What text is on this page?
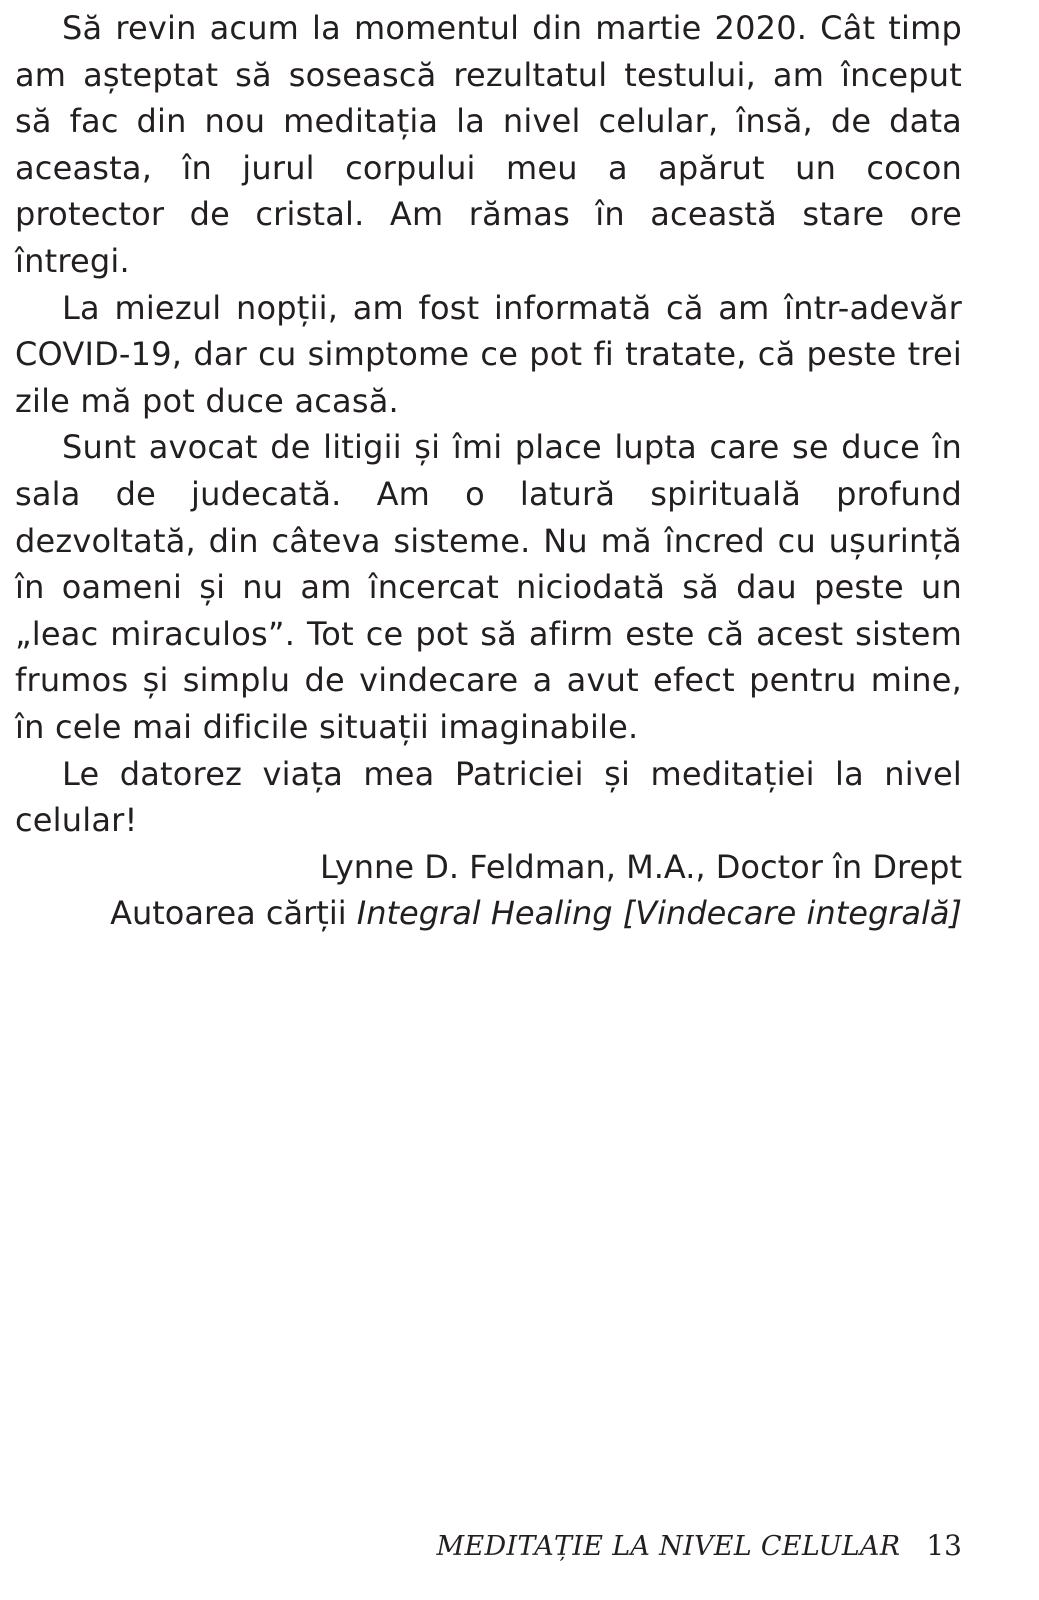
Să revin acum la momentul din martie 2020. Cât timp am așteptat să sosească rezultatul testului, am început să fac din nou meditația la nivel celular, însă, de data aceasta, în jurul corpului meu a apărut un cocon protector de cristal. Am rămas în această stare ore întregi.

La miezul nopții, am fost informată că am într-adevăr COVID-19, dar cu simptome ce pot fi tratate, că peste trei zile mă pot duce acasă.

Sunt avocat de litigii și îmi place lupta care se duce în sala de judecată. Am o latură spirituală profund dezvoltată, din câteva sisteme. Nu mă încred cu ușurință în oameni și nu am încercat niciodată să dau peste un „leac miraculos”. Tot ce pot să afirm este că acest sistem frumos și simplu de vindecare a avut efect pentru mine, în cele mai dificile situații imaginabile.

Le datorez viața mea Patriciei și meditației la nivel celular!

Lynne D. Feldman, M.A., Doctor în Drept
Autoarea cărții Integral Healing [Vindecare integrală]
MEDITAȚIE LA NIVEL CELULAR 13
